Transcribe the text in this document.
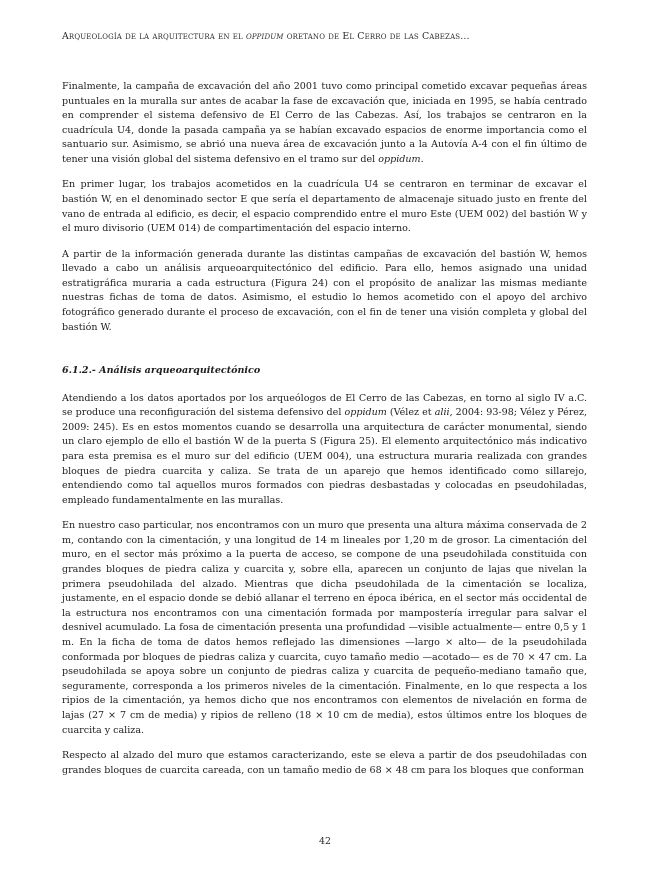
Arqueología de la arquitectura en el oppidum oretano de El Cerro de las Cabezas...

Finalmente, la campaña de excavación del año 2001 tuvo como principal cometido excavar pequeñas áreas puntuales en la muralla sur antes de acabar la fase de excavación que, iniciada en 1995, se había centrado en comprender el sistema defensivo de El Cerro de las Cabezas. Así, los trabajos se centraron en la cuadrícula U4, donde la pasada campaña ya se habían excavado espacios de enorme importancia como el santuario sur. Asimismo, se abrió una nueva área de excavación junto a la Autovía A-4 con el fin último de tener una visión global del sistema defensivo en el tramo sur del oppidum.

En primer lugar, los trabajos acometidos en la cuadrícula U4 se centraron en terminar de excavar el bastión W, en el denominado sector E que sería el departamento de almacenaje situado justo en frente del vano de entrada al edificio, es decir, el espacio comprendido entre el muro Este (UEM 002) del bastión W y el muro divisorio (UEM 014) de compartimentación del espacio interno.

A partir de la información generada durante las distintas campañas de excavación del bastión W, hemos llevado a cabo un análisis arqueoarquitectónico del edificio. Para ello, hemos asignado una unidad estratigráfica muraria a cada estructura (Figura 24) con el propósito de analizar las mismas mediante nuestras fichas de toma de datos. Asimismo, el estudio lo hemos acometido con el apoyo del archivo fotográfico generado durante el proceso de excavación, con el fin de tener una visión completa y global del bastión W.

6.1.2.- Análisis arqueoarquitectónico

Atendiendo a los datos aportados por los arqueólogos de El Cerro de las Cabezas, en torno al siglo IV a.C. se produce una reconfiguración del sistema defensivo del oppidum (Vélez et alii, 2004: 93-98; Vélez y Pérez, 2009: 245). Es en estos momentos cuando se desarrolla una arquitectura de carácter monumental, siendo un claro ejemplo de ello el bastión W de la puerta S (Figura 25). El elemento arquitectónico más indicativo para esta premisa es el muro sur del edificio (UEM 004), una estructura muraria realizada con grandes bloques de piedra cuarcita y caliza. Se trata de un aparejo que hemos identificado como sillarejo, entendiendo como tal aquellos muros formados con piedras desbastadas y colocadas en pseudohiladas, empleado fundamentalmente en las murallas.

En nuestro caso particular, nos encontramos con un muro que presenta una altura máxima conservada de 2 m, contando con la cimentación, y una longitud de 14 m lineales por 1,20 m de grosor. La cimentación del muro, en el sector más próximo a la puerta de acceso, se compone de una pseudohilada constituida con grandes bloques de piedra caliza y cuarcita y, sobre ella, aparecen un conjunto de lajas que nivelan la primera pseudohilada del alzado. Mientras que dicha pseudohilada de la cimentación se localiza, justamente, en el espacio donde se debió allanar el terreno en época ibérica, en el sector más occidental de la estructura nos encontramos con una cimentación formada por mampostería irregular para salvar el desnivel acumulado. La fosa de cimentación presenta una profundidad —visible actualmente— entre 0,5 y 1 m. En la ficha de toma de datos hemos reflejado las dimensiones —largo × alto— de la pseudohilada conformada por bloques de piedras caliza y cuarcita, cuyo tamaño medio —acotado— es de 70 × 47 cm. La pseudohilada se apoya sobre un conjunto de piedras caliza y cuarcita de pequeño-mediano tamaño que, seguramente, corresponda a los primeros niveles de la cimentación. Finalmente, en lo que respecta a los ripios de la cimentación, ya hemos dicho que nos encontramos con elementos de nivelación en forma de lajas (27 × 7 cm de media) y ripios de relleno (18 × 10 cm de media), estos últimos entre los bloques de cuarcita y caliza.

Respecto al alzado del muro que estamos caracterizando, este se eleva a partir de dos pseudohiladas con grandes bloques de cuarcita careada, con un tamaño medio de 68 × 48 cm para los bloques que conforman

42
